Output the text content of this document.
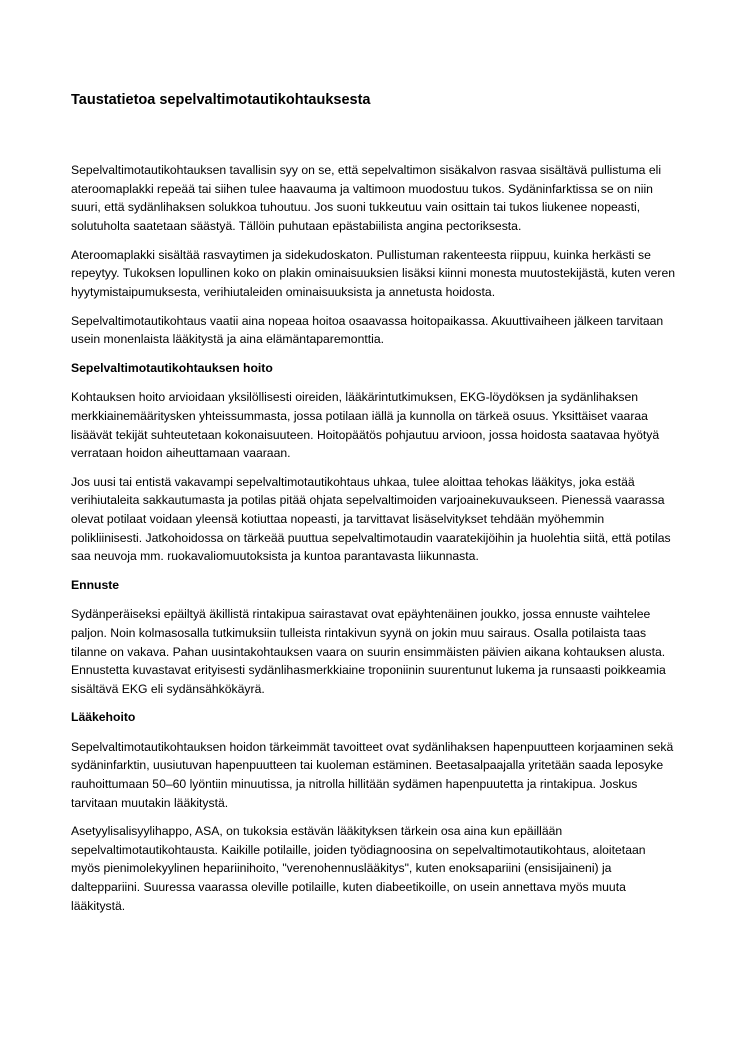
Taustatietoa sepelvaltimotautikohtauksesta

Sepelvaltimotautikohtauksen tavallisin syy on se, että sepelvaltimon sisäkalvon rasvaa sisältävä pullistuma eli ateroomaplakki repeää tai siihen tulee haavauma ja valtimoon muodostuu tukos. Sydäninfarktissa se on niin suuri, että sydänlihaksen solukkoa tuhoutuu. Jos suoni tukkeutuu vain osittain tai tukos liukenee nopeasti, solutuholta saatetaan säästyä. Tällöin puhutaan epästabiilista angina pectoriksesta.

Ateroomaplakki sisältää rasvaytimen ja sidekudoskaton. Pullistuman rakenteesta riippuu, kuinka herkästi se repeytyy. Tukoksen lopullinen koko on plakin ominaisuuksien lisäksi kiinni monesta muutostekijästä, kuten veren hyytymistaipumuksesta, verihiutaleiden ominaisuuksista ja annetusta hoidosta.

Sepelvaltimotautikohtaus vaatii aina nopeaa hoitoa osaavassa hoitopaikassa. Akuuttivaiheen jälkeen tarvitaan usein monenlaista lääkitystä ja aina elämäntaparemonttia.

Sepelvaltimotautikohtauksen hoito

Kohtauksen hoito arvioidaan yksilöllisesti oireiden, lääkärintutkimuksen, EKG-löydöksen ja sydänlihaksen merkkiainemääritysken yhteissummasta, jossa potilaan iällä ja kunnolla on tärkeä osuus. Yksittäiset vaaraa lisäävät tekijät suhteutetaan kokonaisuuteen. Hoitopäätös pohjautuu arvioon, jossa hoidosta saatavaa hyötyä verrataan hoidon aiheuttamaan vaaraan.

Jos uusi tai entistä vakavampi sepelvaltimotautikohtaus uhkaa, tulee aloittaa tehokas lääkitys, joka estää verihiutaleita sakkautumasta ja potilas pitää ohjata sepelvaltimoiden varjoainekuvaukseen. Pienessä vaarassa olevat potilaat voidaan yleensä kotiuttaa nopeasti, ja tarvittavat lisäselvitykset tehdään myöhemmin polikliinisesti. Jatkohoidossa on tärkeää puuttua sepelvaltimotaudin vaaratekijöihin ja huolehtia siitä, että potilas saa neuvoja mm. ruokavaliomuutoksista ja kuntoa parantavasta liikunnasta.

Ennuste

Sydänperäiseksi epäiltyä äkillistä rintakipua sairastavat ovat epäyhtenäinen joukko, jossa ennuste vaihtelee paljon. Noin kolmasosalla tutkimuksiin tulleista rintakivun syynä on jokin muu sairaus. Osalla potilaista taas tilanne on vakava. Pahan uusintakohtauksen vaara on suurin ensimmäisten päivien aikana kohtauksen alusta. Ennustetta kuvastavat erityisesti sydänlihasmerkkiaine troponiinin suurentunut lukema ja runsaasti poikkeamia sisältävä EKG eli sydänsähkökäyrä.

Lääkehoito

Sepelvaltimotautikohtauksen hoidon tärkeimmät tavoitteet ovat sydänlihaksen hapenpuutteen korjaaminen sekä sydäninfarktin, uusiutuvan hapenpuutteen tai kuoleman estäminen. Beetasalpaajalla yritetään saada leposyke rauhoittumaan 50–60 lyöntiin minuutissa, ja nitrolla hillitään sydämen hapenpuutetta ja rintakipua. Joskus tarvitaan muutakin lääkitystä.

Asetyylisalisyylihappo, ASA, on tukoksia estävän lääkityksen tärkein osa aina kun epäillään sepelvaltimotautikohtausta. Kaikille potilaille, joiden työdiagnoosina on sepelvaltimotautikohtaus, aloitetaan myös pienimolekyylinen hepariinihoito, "verenohennuslääkitys", kuten enoksapariini (ensisijaineni) ja dalteppariini. Suuressa vaarassa oleville potilaille, kuten diabeetikoille, on usein annettava myös muuta lääkitystä.
